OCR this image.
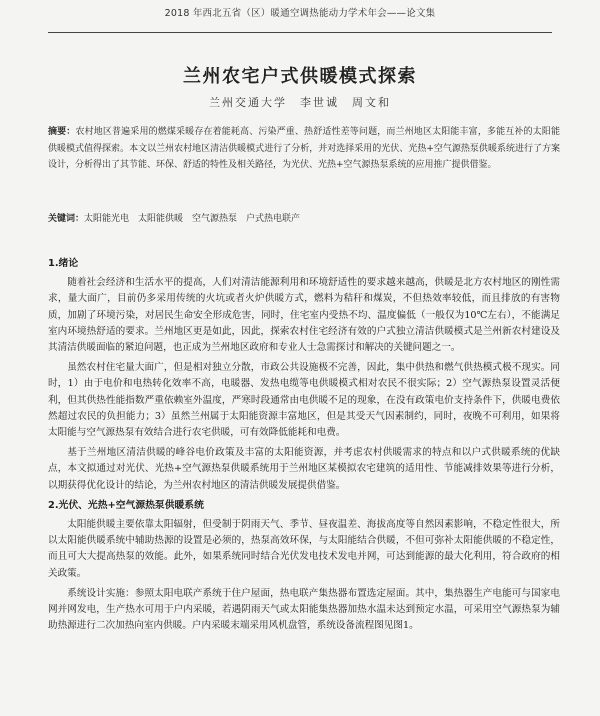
2018 年西北五省（区）暖通空调热能动力学术年会——论文集
兰州农宅户式供暖模式探索
兰州交通大学　李世诚　周文和
摘要：农村地区普遍采用的燃煤采暖存在着能耗高、污染严重、热舒适性差等问题，而兰州地区太阳能丰富，多能互补的太阳能供暖模式值得探索。本文以兰州农村地区清洁供暖模式进行了分析，并对选择采用的光伏、光热+空气源热泵供暖系统进行了方案设计，分析得出了其节能、环保、舒适的特性及相关路径，为光伏、光热+空气源热泵系统的应用推广提供借鉴。
关键词：太阳能光电　太阳能供暖　空气源热泵　户式热电联产
1.绪论

随着社会经济和生活水平的提高，人们对清洁能源利用和环境舒适性的要求越来越高，供暖是北方农村地区的刚性需求，量大面广，目前仍多采用传统的火坑或者火炉供暖方式，燃料为秸秆和煤炭，不但热效率较低，而且排放的有害物质，加剧了环境污染，对居民生命安全形成危害，同时，住宅室内受热不均、温度偏低（一般仅为10℃左右），不能满足室内环境热舒适的要求。兰州地区更是如此，因此，探索农村住宅经济有效的户式独立清洁供暖模式是兰州新农村建设及其清洁供暖面临的紧迫问题，也正成为兰州地区政府和专业人士急需探讨和解决的关键问题之一。

虽然农村住宅量大面广，但是相对独立分散，市政公共设施极不完善，因此，集中供热和燃气供热模式极不现实。同时，1）由于电价和电热转化效率不高，电暖器、发热电缆等电供暖模式相对农民不很实际；2）空气源热泵设置灵活便利，但其供热性能指数严重依赖室外温度，严寒时段通常由电供暖不足的现象，在没有政策电价支持条件下，供暖电费依然超过农民的负担能力；3）虽然兰州属于太阳能资源丰富地区，但是其受天气因素制约，同时，夜晚不可利用，如果将太阳能与空气源热泵有效结合进行农宅供暖，可有效降低能耗和电费。

基于兰州地区清洁供暖的峰谷电价政策及丰富的太阳能资源，并考虑农村供暖需求的特点和以户式供暖系统的优缺点，本文拟通过对光伏、光热+空气源热泵供暖系统用于兰州地区某模拟农宅建筑的适用性、节能减排效果等进行分析，以期获得优化设计的结论，为兰州农村地区的清洁供暖发展提供借鉴。

2.光伏、光热+空气源热泵供暖系统

太阳能供暖主要依靠太阳辐射，但受制于阴雨天气、季节、昼夜温差、海拔高度等自然因素影响，不稳定性很大，所以太阳能供暖系统中辅助热源的设置是必须的，热泵高效环保，与太阳能结合供暖，不但可弥补太阳能供暖的不稳定性，而且可大大提高热泵的效能。此外，如果系统同时结合光伏发电技术发电并网，可达到能源的最大化利用，符合政府的相关政策。

系统设计实施：参照太阳电联产系统于住户屋面，热电联产集热器布置选定屋面。其中，集热器生产电能可与国家电网并网发电，生产热水可用于户内采暖，若遇阴雨天气或太阳能集热器加热水温未达到预定水温，可采用空气源热泵为辅助热源进行二次加热向室内供暖。户内采暖末端采用风机盘管，系统设备流程图见图1。
